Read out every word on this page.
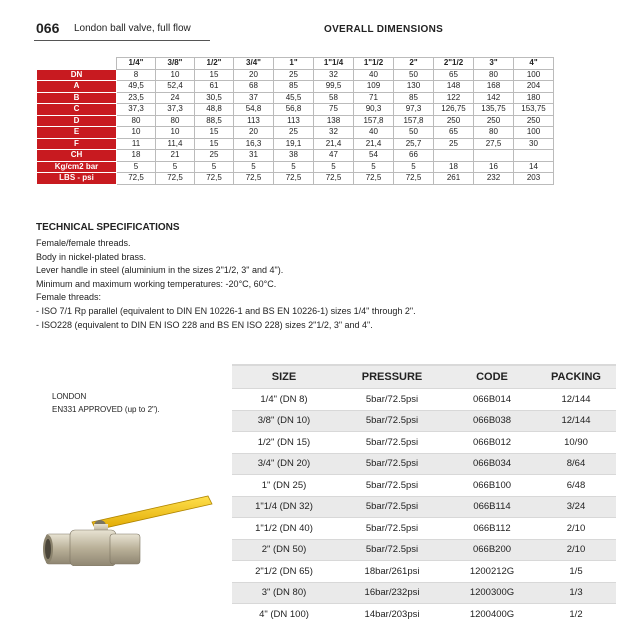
066 London ball valve, full flow	OVERALL DIMENSIONS
	1/4"	3/8"	1/2"	3/4"	1"	1"1/4	1"1/2	2"	2"1/2	3"	4"
DN	8	10	15	20	25	32	40	50	65	80	100
A	49,5	52,4	61	68	85	99,5	109	130	148	168	204
B	23,5	24	30,5	37	45,5	58	71	85	122	142	180
C	37,3	37,3	48,8	54,8	56,8	75	90,3	97,3	126,75	135,75	153,75
D	80	80	88,5	113	113	138	157,8	157,8	250	250	250
E	10	10	15	20	25	32	40	50	65	80	100
F	11	11,4	15	16,3	19,1	21,4	21,4	25,7	25	27,5	30
CH	18	21	25	31	38	47	54	66			
Kg/cm2 bar	5	5	5	5	5	5	5	5	18	16	14
LBS - psi	72,5	72,5	72,5	72,5	72,5	72,5	72,5	72,5	261	232	203
TECHNICAL SPECIFICATIONS
Female/female threads.
Body in nickel-plated brass.
Lever handle in steel (aluminium in the sizes 2"1/2, 3" and 4").
Minimum and maximum working temperatures: -20°C, 60°C.
Female threads:
- ISO 7/1 Rp parallel (equivalent to DIN EN 10226-1 and BS EN 10226-1) sizes 1/4" through 2".
- ISO228 (equivalent to DIN EN ISO 228 and BS EN ISO 228) sizes 2"1/2, 3" and 4".
LONDON
EN331 APPROVED (up to 2").
SIZE	PRESSURE	CODE	PACKING
1/4" (DN 8)	5bar/72.5psi	066B014	12/144
3/8" (DN 10)	5bar/72.5psi	066B038	12/144
1/2" (DN 15)	5bar/72.5psi	066B012	10/90
3/4" (DN 20)	5bar/72.5psi	066B034	8/64
1" (DN 25)	5bar/72.5psi	066B100	6/48
1"1/4 (DN 32)	5bar/72.5psi	066B114	3/24
1"1/2 (DN 40)	5bar/72.5psi	066B112	2/10
2" (DN 50)	5bar/72.5psi	066B200	2/10
2"1/2 (DN 65)	18bar/261psi	1200212G	1/5
3" (DN 80)	16bar/232psi	1200300G	1/3
4" (DN 100)	14bar/203psi	1200400G	1/2
